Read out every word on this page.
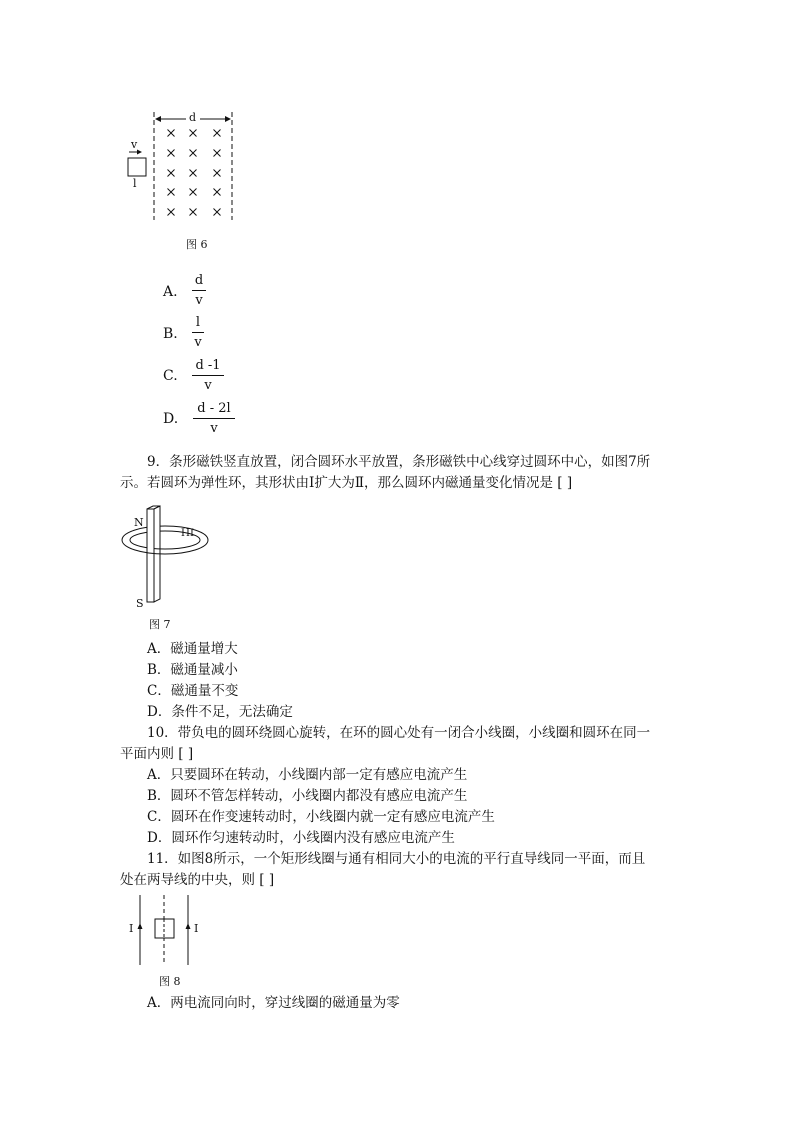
d
v
l
图 6
A.
d
v
B.
l
v
C.
d -1
v
D.
d - 2l
v
9．条形磁铁竖直放置，闭合圆环水平放置，条形磁铁中心线穿过圆环中心，如图7所
示。若圆环为弹性环，其形状由Ⅰ扩大为Ⅱ，那么圆环内磁通量变化情况是 [ ]
N
S
I II
图 7
A．磁通量增大
B．磁通量减小
C．磁通量不变
D．条件不足，无法确定
10．带负电的圆环绕圆心旋转，在环的圆心处有一闭合小线圈，小线圈和圆环在同一
平面内则 [ ]
A．只要圆环在转动，小线圈内部一定有感应电流产生
B．圆环不管怎样转动，小线圈内都没有感应电流产生
C．圆环在作变速转动时，小线圈内就一定有感应电流产生
D．圆环作匀速转动时，小线圈内没有感应电流产生
11．如图8所示，一个矩形线圈与通有相同大小的电流的平行直导线同一平面，而且
处在两导线的中央，则 [ ]
I	I
图 8
A．两电流同向时，穿过线圈的磁通量为零
